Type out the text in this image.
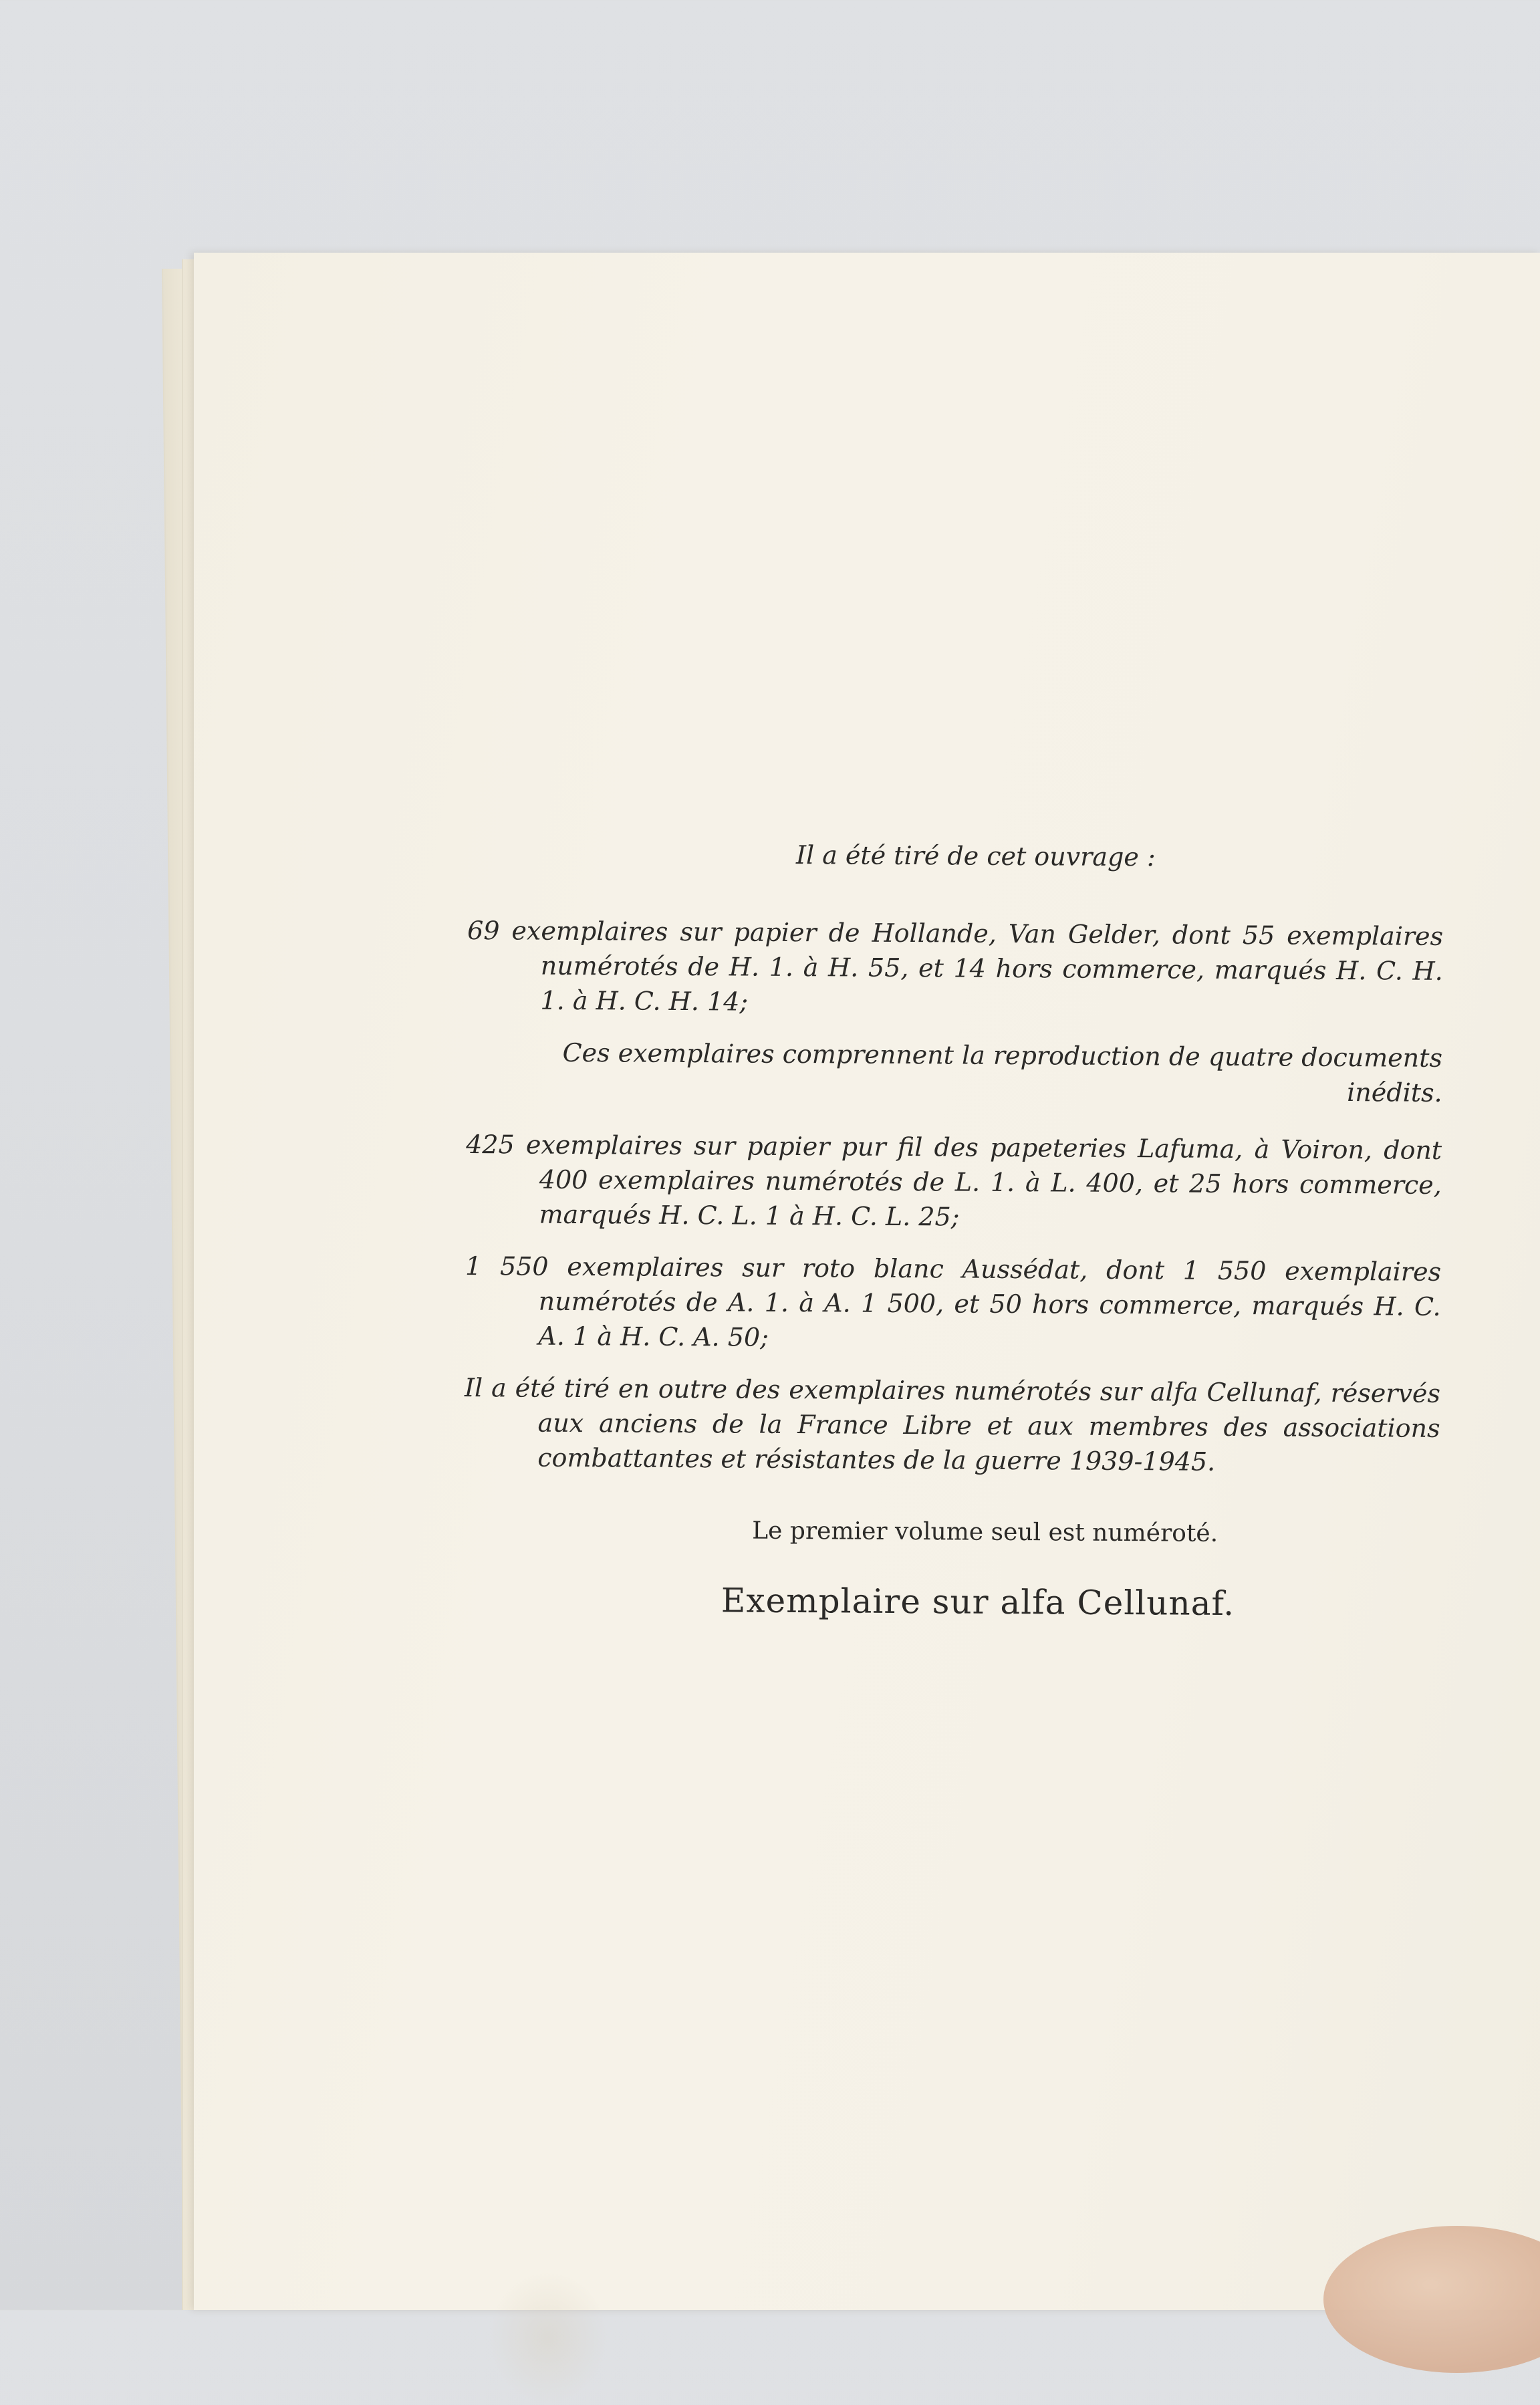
Il a été tiré de cet ouvrage :

69 exemplaires sur papier de Hollande, Van Gelder, dont 55 exemplaires numérotés de H. 1. à H. 55, et 14 hors commerce, marqués H. C. H. 1. à H. C. H. 14;

Ces exemplaires comprennent la reproduction de quatre documents inédits.

425 exemplaires sur papier pur fil des papeteries Lafuma, à Voiron, dont 400 exemplaires numérotés de L. 1. à L. 400, et 25 hors commerce, marqués H. C. L. 1 à H. C. L. 25;

1 550 exemplaires sur roto blanc Aussédat, dont 1 550 exemplaires numérotés de A. 1. à A. 1 500, et 50 hors commerce, marqués H. C. A. 1 à H. C. A. 50;

Il a été tiré en outre des exemplaires numérotés sur alfa Cellunaf, réservés aux anciens de la France Libre et aux membres des associations combattantes et résistantes de la guerre 1939-1945.

Le premier volume seul est numéroté.

Exemplaire sur alfa Cellunaf.
